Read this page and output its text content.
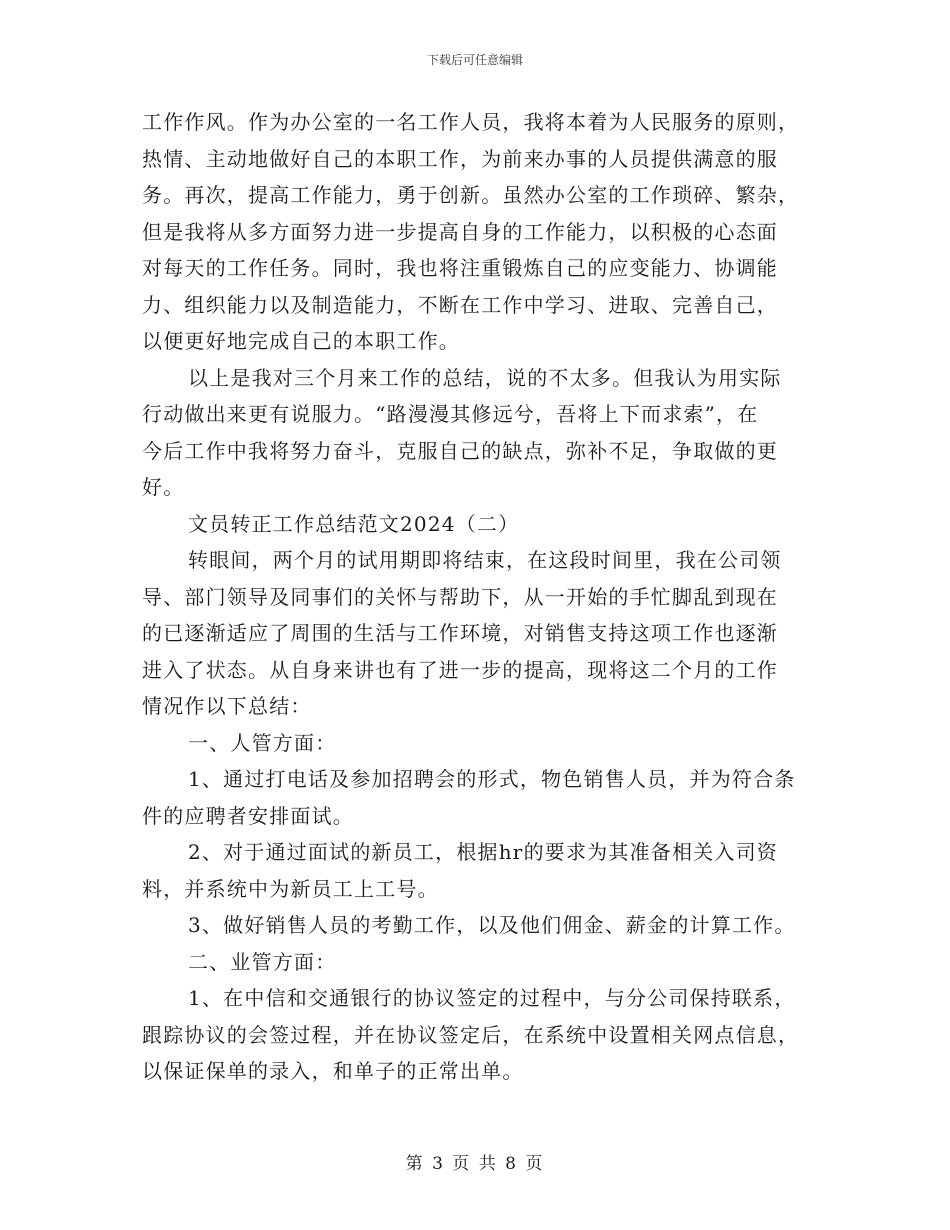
下载后可任意编辑
工作作风。作为办公室的一名工作人员，我将本着为人民服务的原则，
热情、主动地做好自己的本职工作，为前来办事的人员提供满意的服
务。再次，提高工作能力，勇于创新。虽然办公室的工作琐碎、繁杂，
但是我将从多方面努力进一步提高自身的工作能力，以积极的心态面
对每天的工作任务。同时，我也将注重锻炼自己的应变能力、协调能
力、组织能力以及制造能力，不断在工作中学习、进取、完善自己，
以便更好地完成自己的本职工作。
以上是我对三个月来工作的总结，说的不太多。但我认为用实际
行动做出来更有说服力。“路漫漫其修远兮，吾将上下而求索”，在
今后工作中我将努力奋斗，克服自己的缺点，弥补不足，争取做的更
好。
文员转正工作总结范文2024（二）
转眼间，两个月的试用期即将结束，在这段时间里，我在公司领
导、部门领导及同事们的关怀与帮助下，从一开始的手忙脚乱到现在
的已逐渐适应了周围的生活与工作环境，对销售支持这项工作也逐渐
进入了状态。从自身来讲也有了进一步的提高，现将这二个月的工作
情况作以下总结：
一、人管方面：
1、通过打电话及参加招聘会的形式，物色销售人员，并为符合条
件的应聘者安排面试。
2、对于通过面试的新员工，根据hr的要求为其准备相关入司资
料，并系统中为新员工上工号。
3、做好销售人员的考勤工作，以及他们佣金、薪金的计算工作。
二、业管方面：
1、在中信和交通银行的协议签定的过程中，与分公司保持联系，
跟踪协议的会签过程，并在协议签定后，在系统中设置相关网点信息，
以保证保单的录入，和单子的正常出单。
第 3 页 共 8 页
